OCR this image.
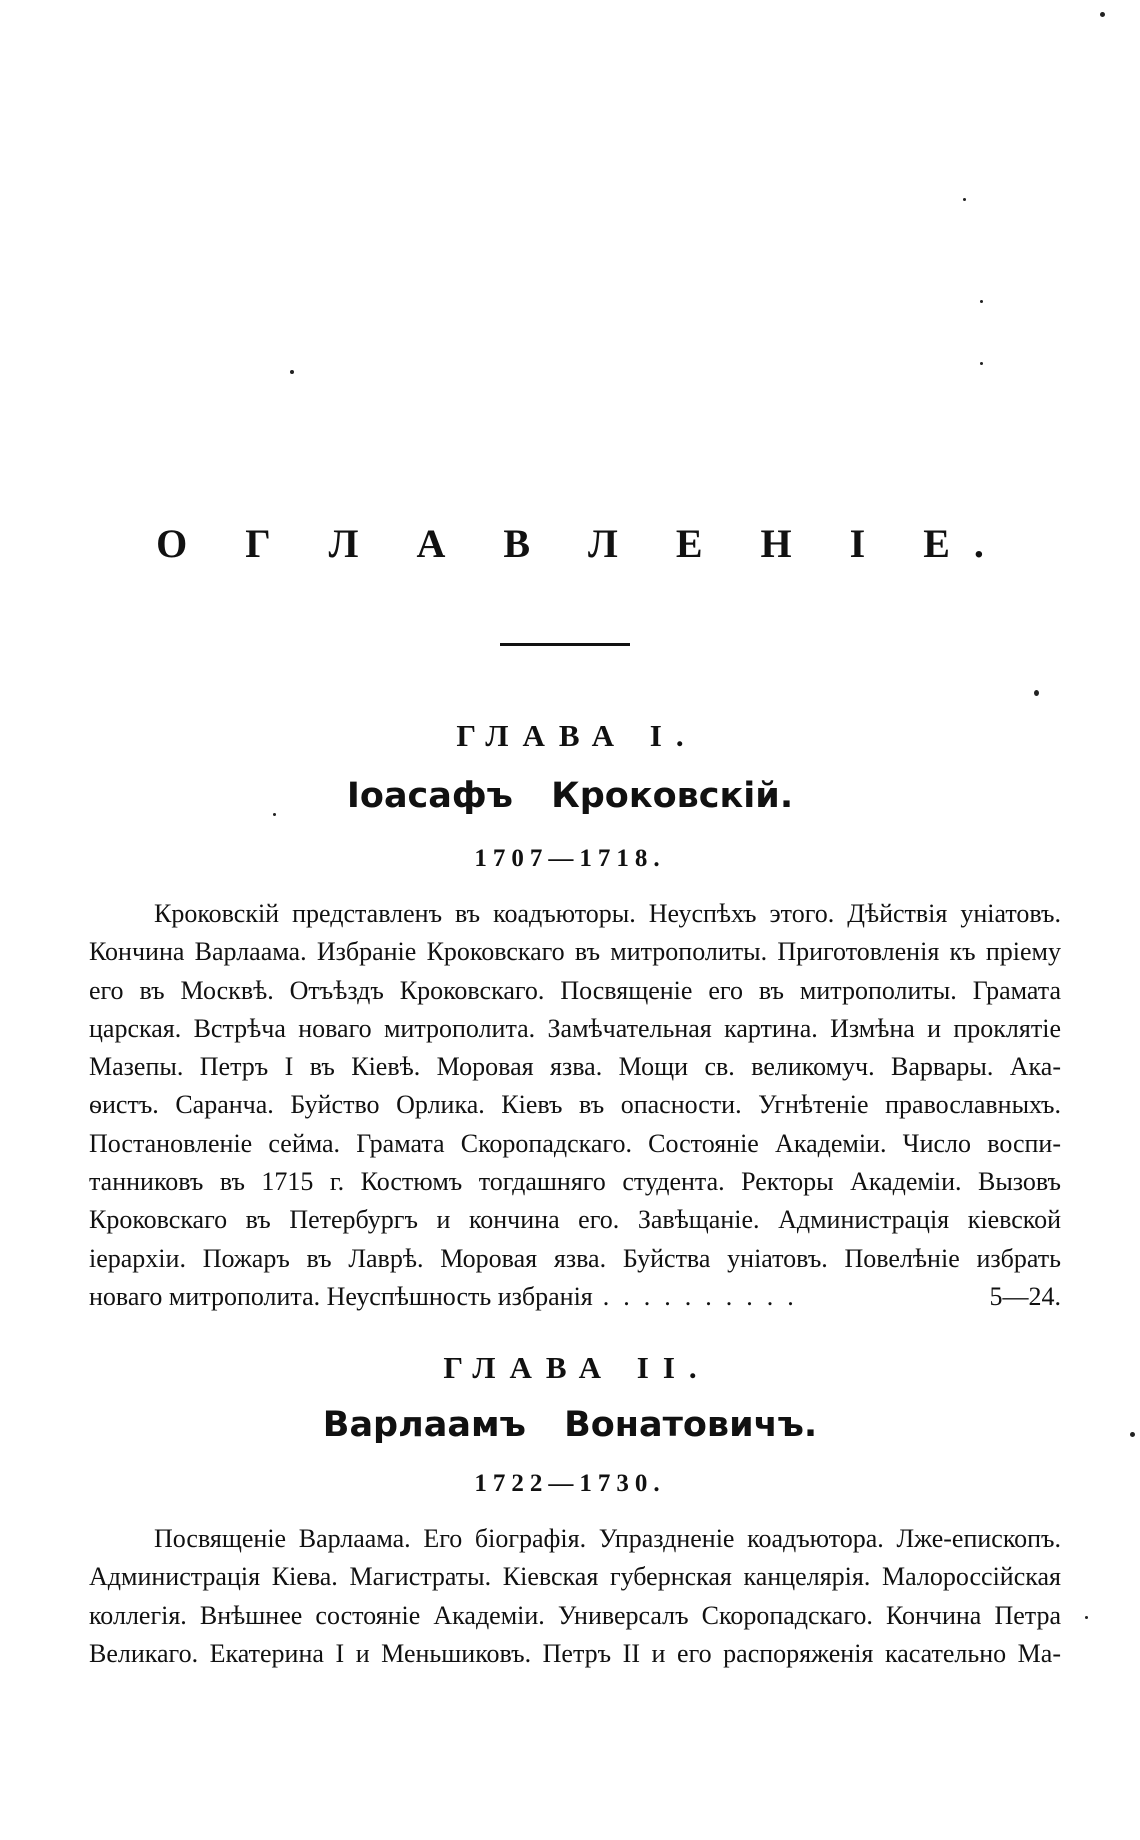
О Г Л А В Л Е Н І Е.
ГЛАВА I.
Іоасафъ Кроковскій.
1707—1718.
Кроковскій представленъ въ коадъюторы. Неуспѣхъ этого. Дѣйствія уніатовъ.
Кончина Варлаама. Избраніе Кроковскаго въ митрополиты. Приготовленія къ пріему
его въ Москвѣ. Отъѣздъ Кроковскаго. Посвященіе его въ митрополиты. Грамата
царская. Встрѣча новаго митрополита. Замѣчательная картина. Измѣна и проклятіе
Мазепы. Петръ I въ Кіевѣ. Моровая язва. Мощи св. великомуч. Варвары. Ака-
ѳистъ. Саранча. Буйство Орлика. Кіевъ въ опасности. Угнѣтеніе православныхъ.
Постановленіе сейма. Грамата Скоропадскаго. Состояніе Академіи. Число воспи-
танниковъ въ 1715 г. Костюмъ тогдашняго студента. Ректоры Академіи. Вызовъ
Кроковскаго въ Петербургъ и кончина его. Завѣщаніе. Администрація кіевской
іерархіи. Пожаръ въ Лаврѣ. Моровая язва. Буйства уніатовъ. Повелѣніе избрать
новаго митрополита. Неуспѣшность избранія ..........	5—24.
ГЛАВА II.
Варлаамъ Вонатовичъ.
1722—1730.
Посвященіе Варлаама. Его біографія. Упраздненіе коадъютора. Лже-епископъ.
Администрація Кіева. Магистраты. Кіевская губернская канцелярія. Малороссійская
коллегія. Внѣшнее состояніе Академіи. Универсалъ Скоропадскаго. Кончина Петра
Великаго. Екатерина I и Меньшиковъ. Петръ II и его распоряженія касательно Ма-
